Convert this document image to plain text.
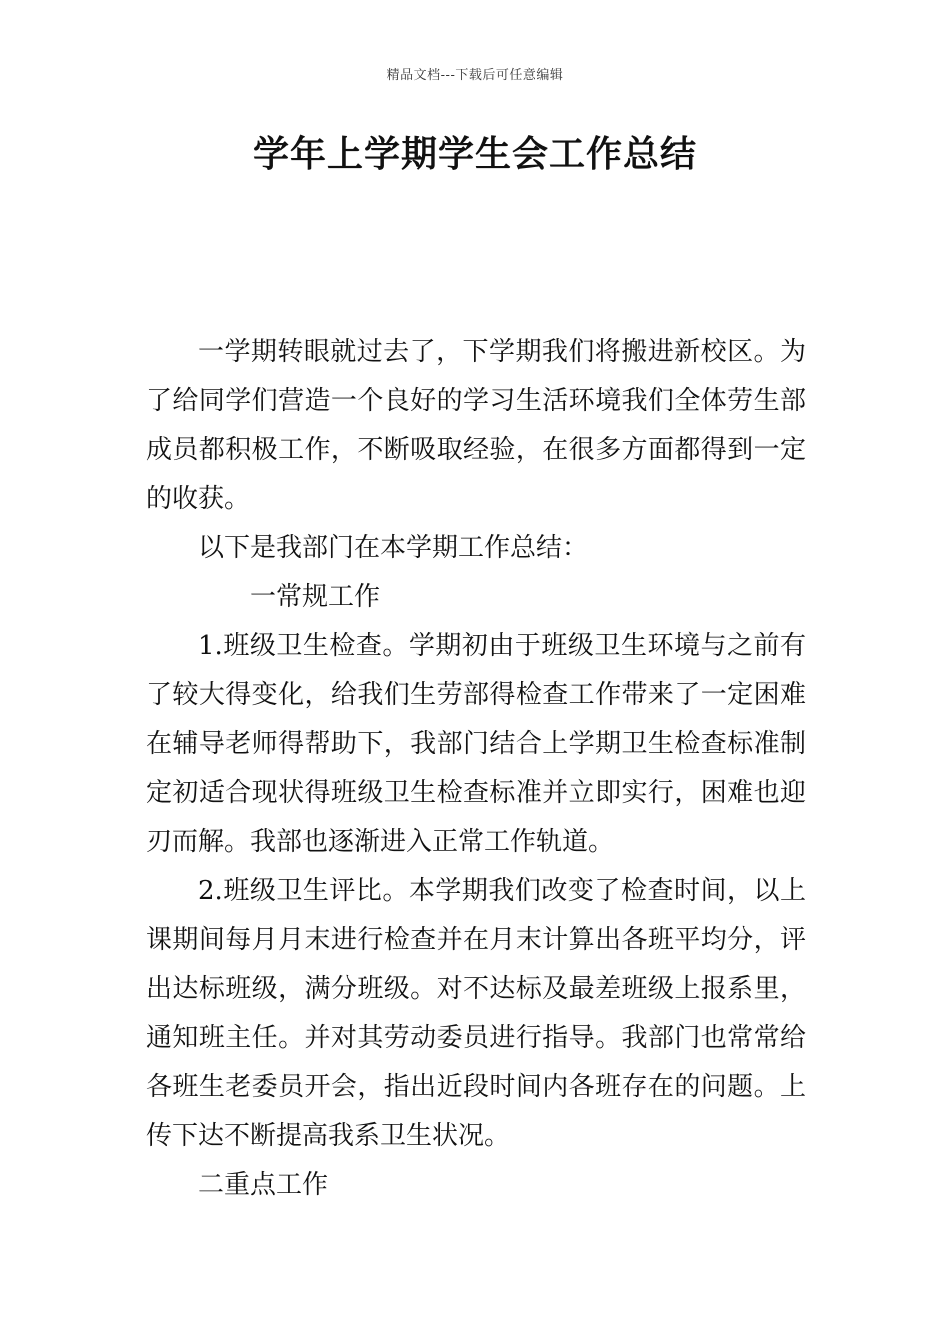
精品文档---下载后可任意编辑
学年上学期学生会工作总结

一学期转眼就过去了，下学期我们将搬进新校区。为了给同学们营造一个良好的学习生活环境我们全体劳生部成员都积极工作，不断吸取经验，在很多方面都得到一定的收获。

以下是我部门在本学期工作总结：

一常规工作

1.班级卫生检查。学期初由于班级卫生环境与之前有了较大得变化，给我们生劳部得检查工作带来了一定困难在辅导老师得帮助下，我部门结合上学期卫生检查标准制定初适合现状得班级卫生检查标准并立即实行，困难也迎刃而解。我部也逐渐进入正常工作轨道。

2.班级卫生评比。本学期我们改变了检查时间，以上课期间每月月末进行检查并在月末计算出各班平均分，评出达标班级，满分班级。对不达标及最差班级上报系里，通知班主任。并对其劳动委员进行指导。我部门也常常给各班生老委员开会，指出近段时间内各班存在的问题。上传下达不断提高我系卫生状况。

二重点工作
